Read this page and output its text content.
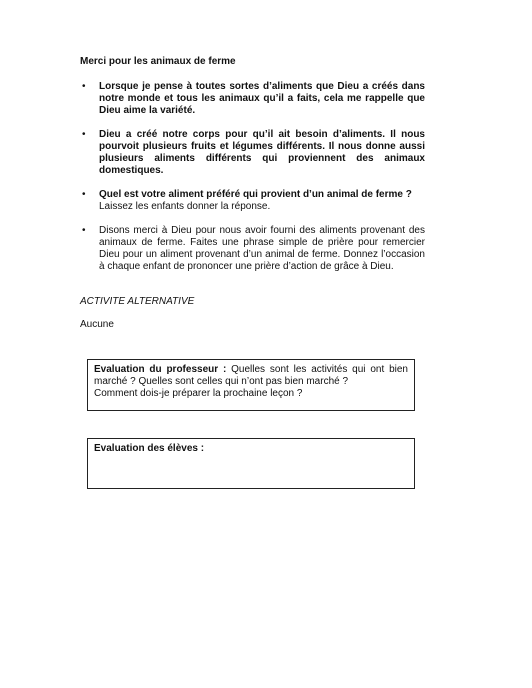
Merci pour les animaux de ferme
• Lorsque je pense à toutes sortes d’aliments que Dieu a créés dans notre monde et tous les animaux qu’il a faits, cela me rappelle que Dieu aime la variété.
• Dieu a créé notre corps pour qu’il ait besoin d’aliments. Il nous pourvoit plusieurs fruits et légumes différents. Il nous donne aussi plusieurs aliments différents qui proviennent des animaux domestiques.
• Quel est votre aliment préféré qui provient d’un animal de ferme ?
Laissez les enfants donner la réponse.
• Disons merci à Dieu pour nous avoir fourni des aliments provenant des animaux de ferme. Faites une phrase simple de prière pour remercier Dieu pour un aliment provenant d’un animal de ferme. Donnez l’occasion à chaque enfant de prononcer une prière d’action de grâce à Dieu.
ACTIVITE ALTERNATIVE
Aucune
Evaluation du professeur : Quelles sont les activités qui ont bien marché ? Quelles sont celles qui n’ont pas bien marché ?
Comment dois-je préparer la prochaine leçon ?
Evaluation des élèves :
